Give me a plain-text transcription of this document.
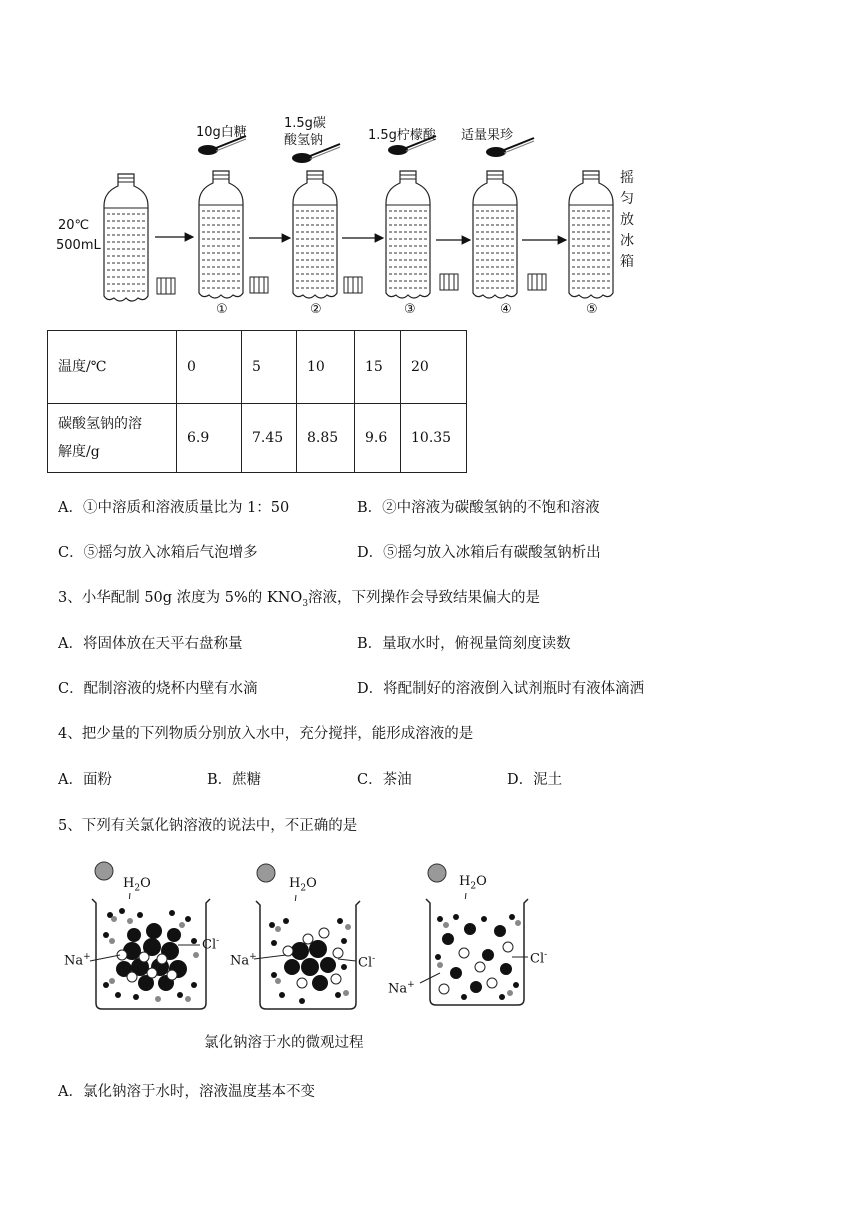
20℃
500mL
10g白糖
1.5g碳
酸氢钠	1.5g柠檬酸 适量果珍
①	②	③	④	⑤
摇
匀
放
冰
箱
温度/℃	0	5	10	15	20

碳酸氢钠的溶
解度/g	6.9	7.45	8.85	9.6	10.35
A．①中溶质和溶液质量比为 1：50	B．②中溶液为碳酸氢钠的不饱和溶液
C．⑤摇匀放入冰箱后气泡增多	D．⑤摇匀放入冰箱后有碳酸氢钠析出
3、小华配制 50g 浓度为 5%的 $KNO_3$溶液，下列操作会导致结果偏大的是
A．将固体放在天平右盘称量	B．量取水时，俯视量筒刻度读数
C．配制溶液的烧杯内壁有水滴	D．将配制好的溶液倒入试剂瓶时有液体滴洒
4、把少量的下列物质分别放入水中，充分搅拌，能形成溶液的是
A．面粉	B．蔗糖	C．茶油	D．泥土
5、下列有关氯化钠溶液的说法中，不正确的是
$H_2O$	$H_2O$	$H_2O$
Na+	Na+
Na+
Cl-
Cl-	Cl-
氯化钠溶于水的微观过程
A．氯化钠溶于水时，溶液温度基本不变
